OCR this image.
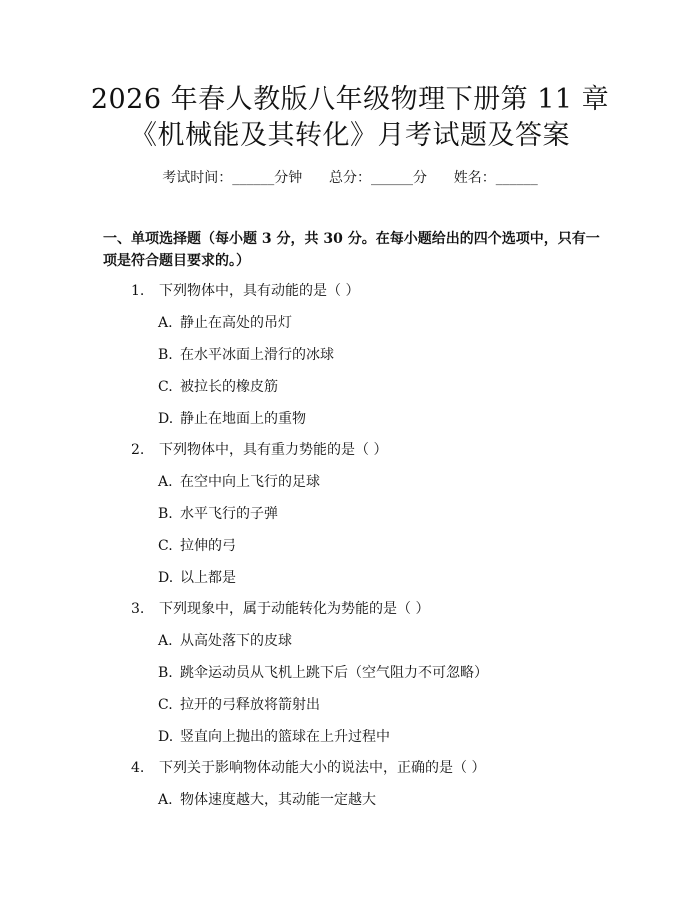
2026 年春人教版八年级物理下册第 11 章
《机械能及其转化》月考试题及答案
考试时间：______分钟      总分：______分      姓名：______
一、单项选择题（每小题 3 分，共 30 分。在每小题给出的四个选项中，只有一项是符合题目要求的。）
1. 下列物体中，具有动能的是（ ）
A. 静止在高处的吊灯
B. 在水平冰面上滑行的冰球
C. 被拉长的橡皮筋
D. 静止在地面上的重物
2. 下列物体中，具有重力势能的是（ ）
A. 在空中向上飞行的足球
B. 水平飞行的子弹
C. 拉伸的弓
D. 以上都是
3. 下列现象中，属于动能转化为势能的是（ ）
A. 从高处落下的皮球
B. 跳伞运动员从飞机上跳下后（空气阻力不可忽略）
C. 拉开的弓释放将箭射出
D. 竖直向上抛出的篮球在上升过程中
4. 下列关于影响物体动能大小的说法中，正确的是（ ）
A. 物体速度越大，其动能一定越大
